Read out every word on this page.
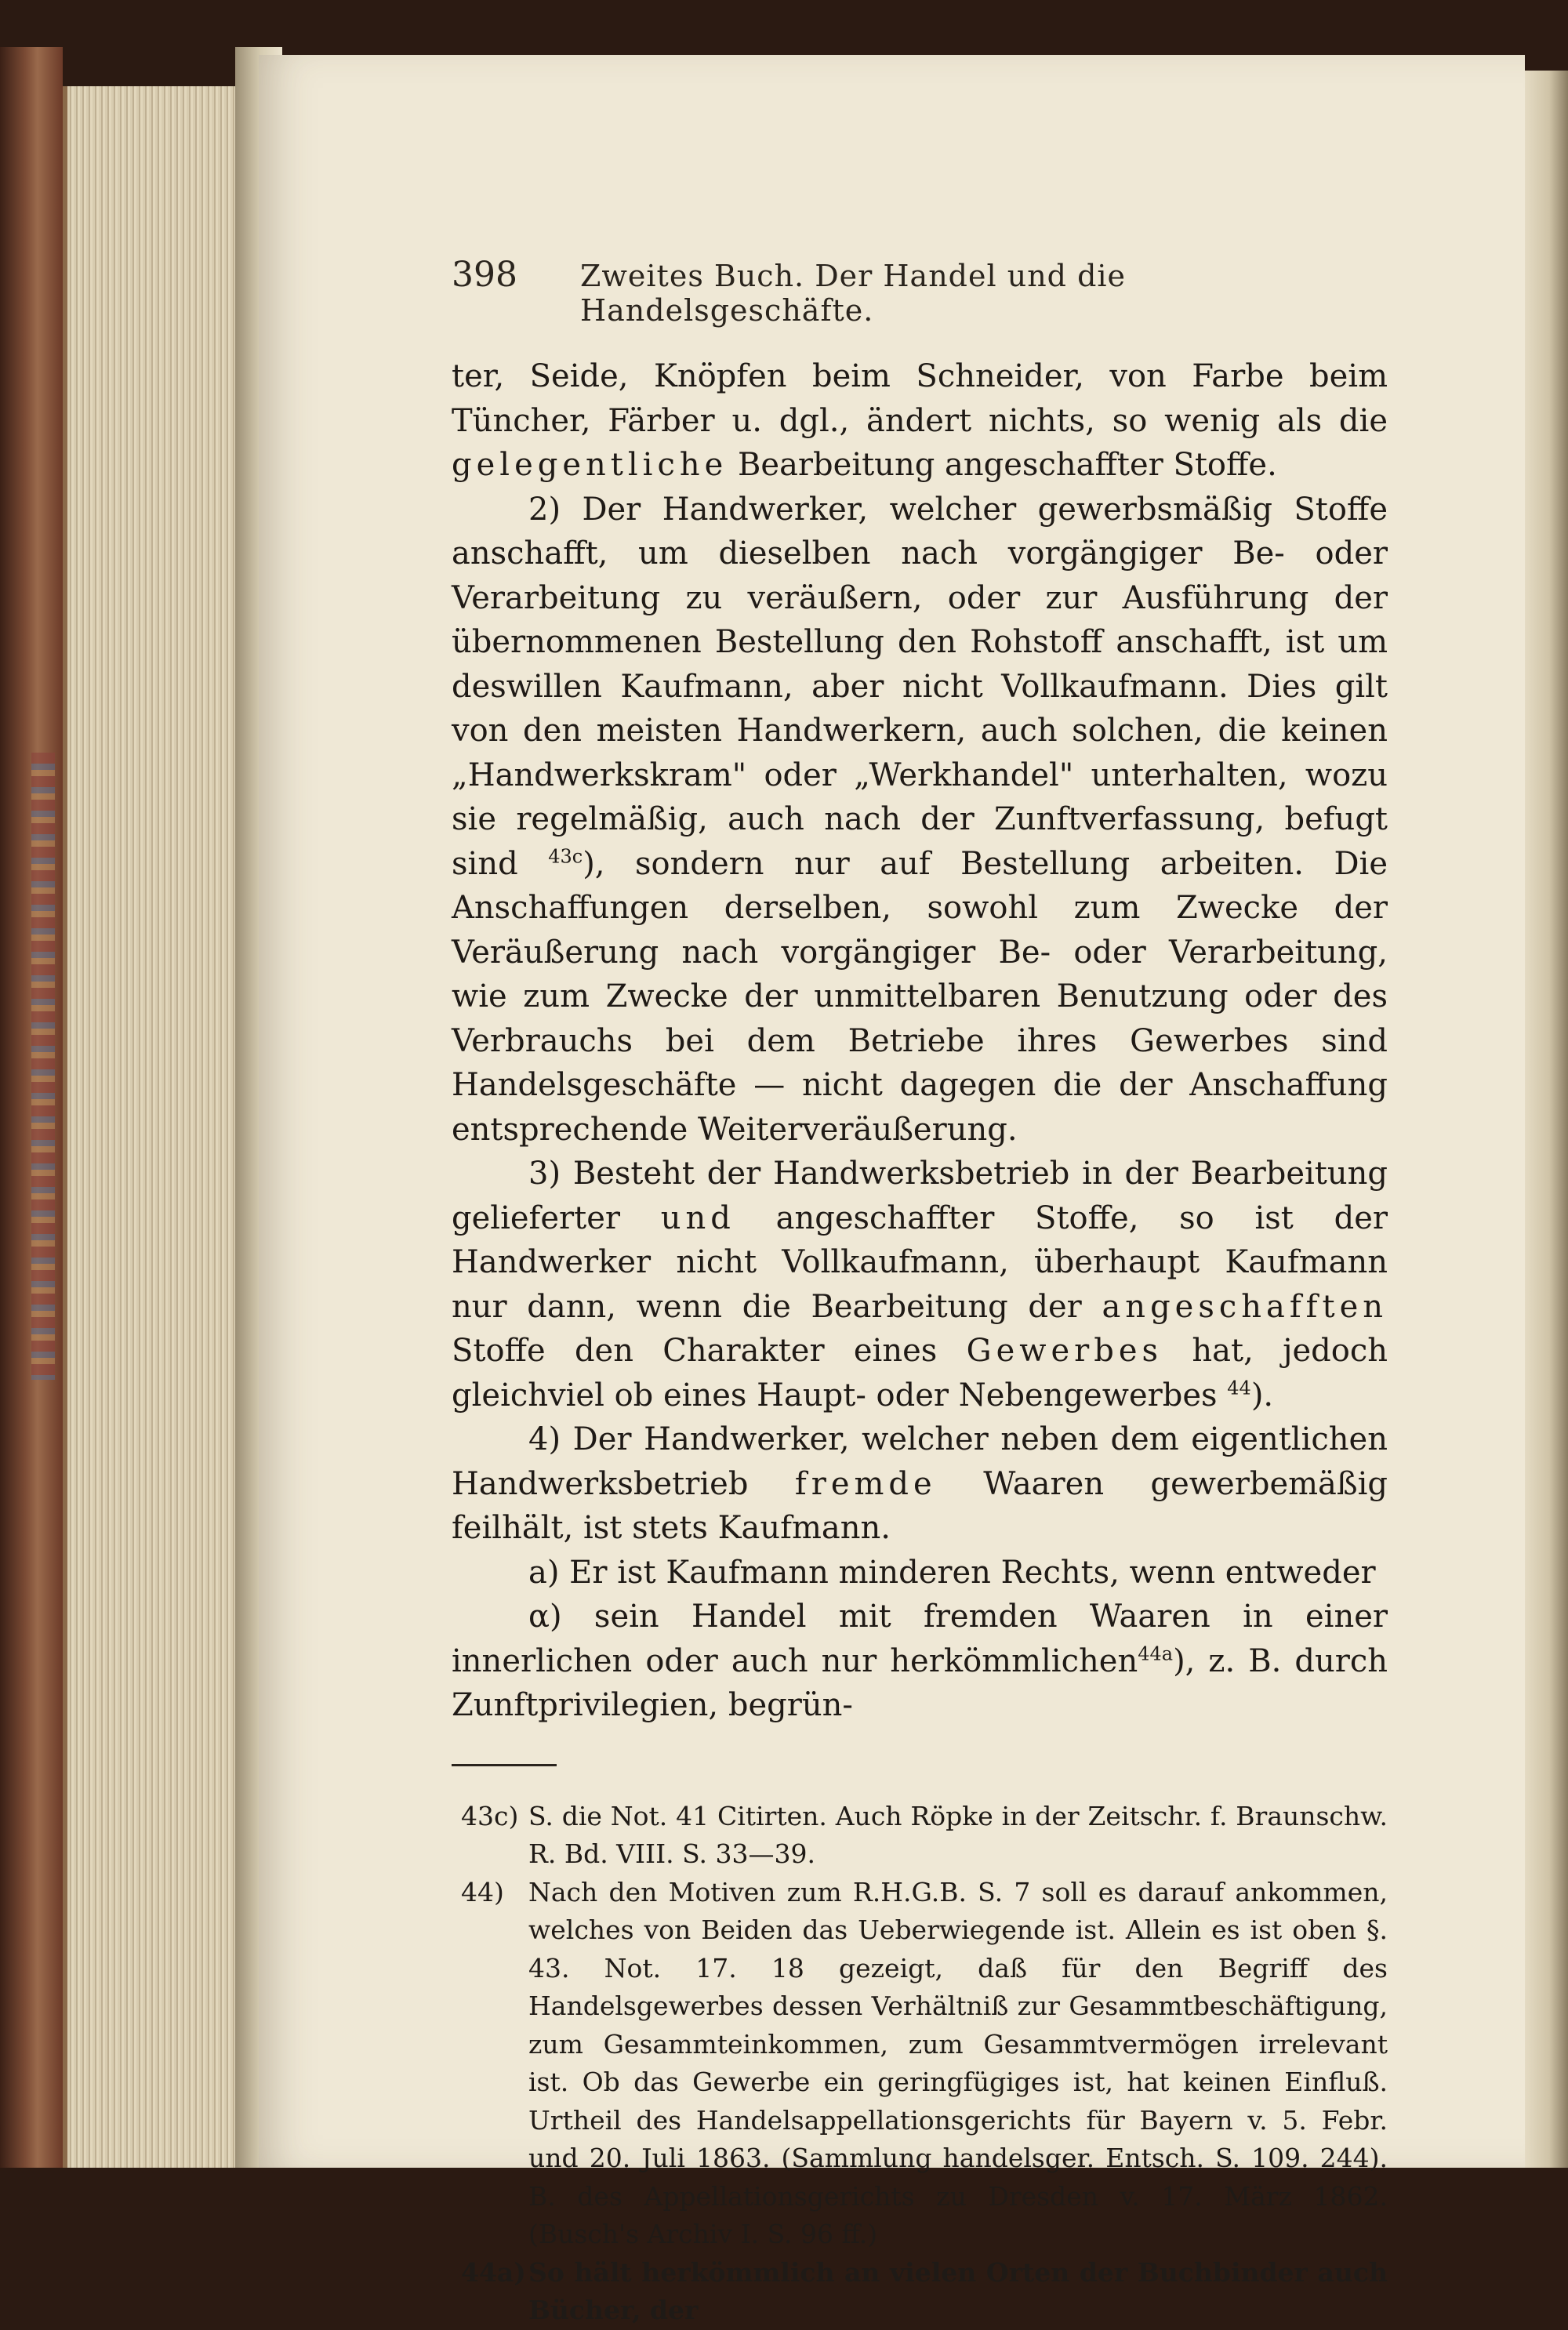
398 Zweites Buch. Der Handel und die Handelsgeschäfte.

ter, Seide, Knöpfen beim Schneider, von Farbe beim Tüncher, Färber u. dgl., ändert nichts, so wenig als die gelegentliche Bearbeitung angeschaffter Stoffe.

2) Der Handwerker, welcher gewerbsmäßig Stoffe anschafft, um dieselben nach vorgängiger Be- oder Verarbeitung zu veräußern, oder zur Ausführung der übernommenen Bestellung den Rohstoff anschafft, ist um deswillen Kaufmann, aber nicht Vollkaufmann. Dies gilt von den meisten Handwerkern, auch solchen, die keinen „Handwerkskram" oder „Werkhandel" unterhalten, wozu sie regelmäßig, auch nach der Zunftverfassung, befugt sind $^{43c}$), sondern nur auf Bestellung arbeiten. Die Anschaffungen derselben, sowohl zum Zwecke der Veräußerung nach vorgängiger Be- oder Verarbeitung, wie zum Zwecke der unmittelbaren Benutzung oder des Verbrauchs bei dem Betriebe ihres Gewerbes sind Handelsgeschäfte — nicht dagegen die der Anschaffung entsprechende Weiterveräußerung.

3) Besteht der Handwerksbetrieb in der Bearbeitung gelieferter und angeschaffter Stoffe, so ist der Handwerker nicht Vollkaufmann, überhaupt Kaufmann nur dann, wenn die Bearbeitung der angeschafften Stoffe den Charakter eines Gewerbes hat, jedoch gleichviel ob eines Haupt- oder Nebengewerbes $^{44}$).

4) Der Handwerker, welcher neben dem eigentlichen Handwerksbetrieb fremde Waaren gewerbemäßig feilhält, ist stets Kaufmann.

a) Er ist Kaufmann minderen Rechts, wenn entweder

α) sein Handel mit fremden Waaren in einer innerlichen oder auch nur herkömmlichen$^{44a}$), z. B. durch Zunftprivilegien, begrün-

43c) S. die Not. 41 Citirten. Auch Röpke in der Zeitschr. f. Braunschw. R. Bd. VIII. S. 33—39.
44) Nach den Motiven zum R.H.G.B. S. 7 soll es darauf ankommen, welches von Beiden das Ueberwiegende ist. Allein es ist oben §. 43. Not. 17. 18 gezeigt, daß für den Begriff des Handelsgewerbes dessen Verhältniß zur Gesammtbeschäftigung, zum Gesammteinkommen, zum Gesammtvermögen irrelevant ist. Ob das Gewerbe ein geringfügiges ist, hat keinen Einfluß. Urtheil des Handelsappellationsgerichts für Bayern v. 5. Febr. und 20. Juli 1863. (Sammlung handelsger. Entsch. S. 109. 244). B. des Appellationsgerichts zu Dresden v. 17. März 1862. (Busch's Archiv I. S. 96 ff.)
44a) So hält herkömmlich an vielen Orten der Buchbinder auch Bücher, der
